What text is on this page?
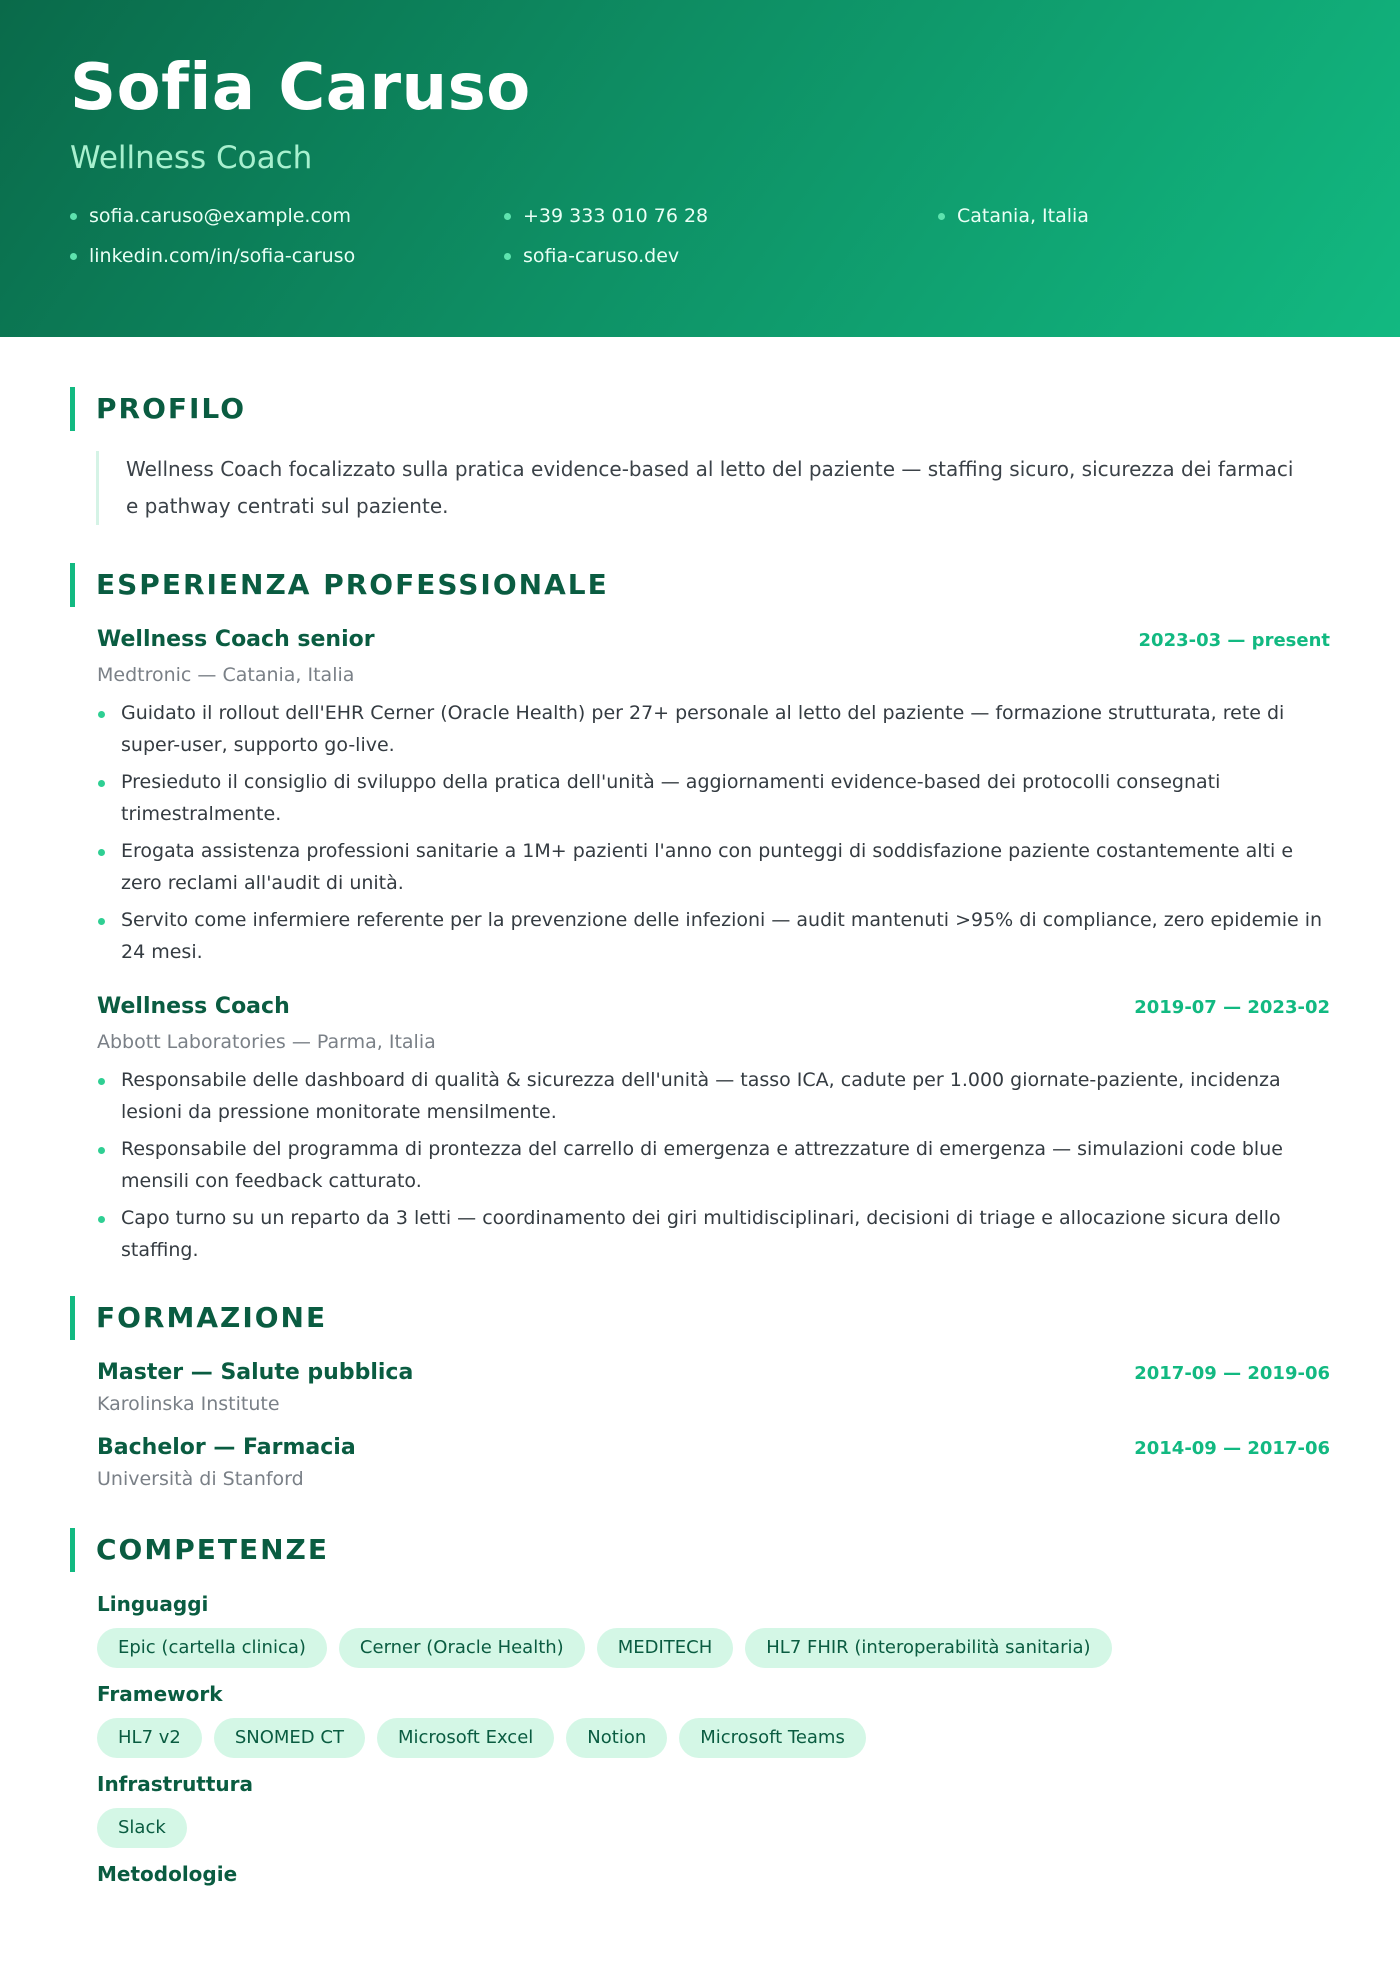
Sofia Caruso
Wellness Coach
sofia.caruso@example.com	+39 333 010 76 28	Catania, Italia
linkedin.com/in/sofia-caruso	sofia-caruso.dev
PROFILO
Wellness Coach focalizzato sulla pratica evidence-based al letto del paziente — staffing sicuro, sicurezza dei farmaci e pathway centrati sul paziente.
ESPERIENZA PROFESSIONALE
Wellness Coach senior	2023-03 — present
Medtronic — Catania, Italia
Guidato il rollout dell'EHR Cerner (Oracle Health) per 27+ personale al letto del paziente — formazione strutturata, rete di super-user, supporto go-live.
Presieduto il consiglio di sviluppo della pratica dell'unità — aggiornamenti evidence-based dei protocolli consegnati trimestralmente.
Erogata assistenza professioni sanitarie a 1M+ pazienti l'anno con punteggi di soddisfazione paziente costantemente alti e zero reclami all'audit di unità.
Servito come infermiere referente per la prevenzione delle infezioni — audit mantenuti >95% di compliance, zero epidemie in 24 mesi.
Wellness Coach	2019-07 — 2023-02
Abbott Laboratories — Parma, Italia
Responsabile delle dashboard di qualità & sicurezza dell'unità — tasso ICA, cadute per 1.000 giornate-paziente, incidenza lesioni da pressione monitorate mensilmente.
Responsabile del programma di prontezza del carrello di emergenza e attrezzature di emergenza — simulazioni code blue mensili con feedback catturato.
Capo turno su un reparto da 3 letti — coordinamento dei giri multidisciplinari, decisioni di triage e allocazione sicura dello staffing.
FORMAZIONE
Master — Salute pubblica	2017-09 — 2019-06
Karolinska Institute
Bachelor — Farmacia	2014-09 — 2017-06
Università di Stanford
COMPETENZE
Linguaggi
Epic (cartella clinica)	Cerner (Oracle Health)	MEDITECH	HL7 FHIR (interoperabilità sanitaria)
Framework
HL7 v2	SNOMED CT	Microsoft Excel	Notion	Microsoft Teams
Infrastruttura
Slack
Metodologie
